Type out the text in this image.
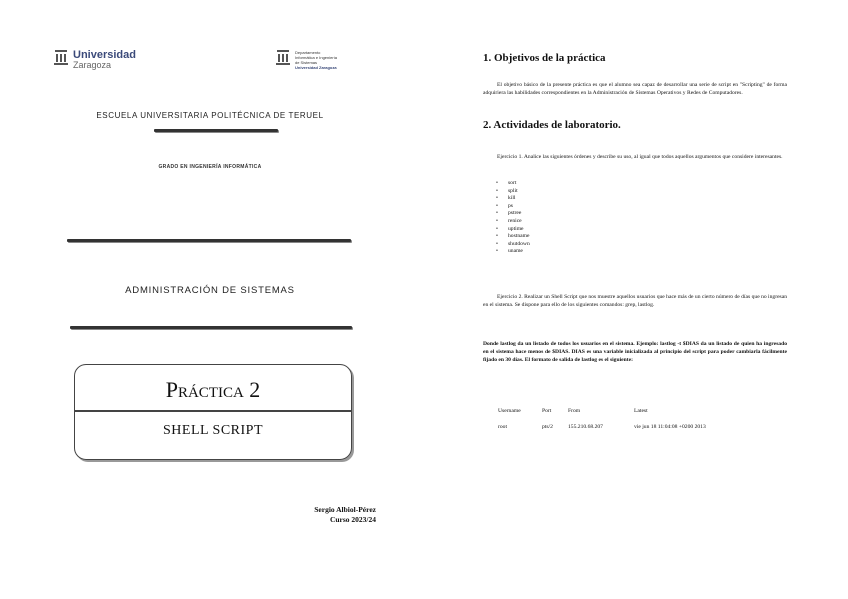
Universidad
Zaragoza
Departamento
Informática e Ingeniería
de Sistemas
Universidad Zaragoza
ESCUELA UNIVERSITARIA POLITÉCNICA DE TERUEL
GRADO EN INGENIERÍA INFORMÁTICA
ADMINISTRACIÓN DE SISTEMAS
Práctica 2
SHELL SCRIPT
Sergio Albiol-Pérez
Curso 2023/24
1. Objetivos de la práctica

El objetivo básico de la presente práctica es que el alumno sea capaz de desarrollar una serie de script en "Scripting" de forma adquiriera las habilidades correspondientes en la Administración de Sistemas Operativos y Redes de Computadores.

2. Actividades de laboratorio.

Ejercicio 1. Analice las siguientes órdenes y describe su uso, al igual que todos aquellos argumentos que considere interesantes.

• sort
• split
• kill
• ps
• pstree
• renice
• uptime
• hostname
• shutdown
• uname

Ejercicio 2. Realizar un Shell Script que nos muestre aquellos usuarios que hace más de un cierto número de días que no ingresan en el sistema. Se dispone para ello de los siguientes comandos: grep, lastlog.

Donde lastlog da un listado de todos los usuarios en el sistema. Ejemplo: lastlog -t $DIAS da un listado de quien ha ingresado en el sistema hace menos de $DIAS. DIAS es una variable inicializada al principio del script para poder cambiarla fácilmente fijado en 30 días. El formato de salida de lastlog es el siguiente:

Username	Port	From	Latest
root	pts/2	155.210.68.207	vie jun 18 11:04:08 +0200 2013
